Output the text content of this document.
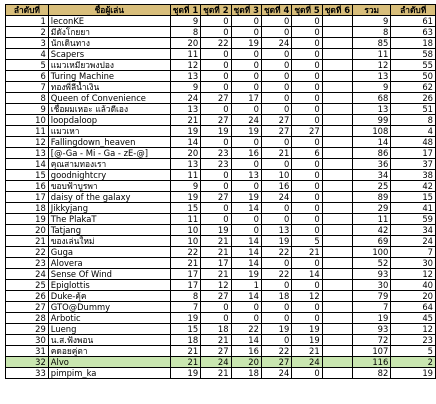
ลำดับที่	ชื่อผู้เล่น	ชุดที่ 1	ชุดที่ 2	ชุดที่ 3	ชุดที่ 4	ชุดที่ 5	ชุดที่ 6	รวม	ลำดับที่
1	leconKE	9	0	0	0	0		9	61
2	มีดังโกยยา	8	0	0	0	0		8	63
3	นักเดินทาง	20	22	19	24	0		85	18
4	Scapers	11	0	0	0	0		11	58
5	แมวเหมียวพงปอง	12	0	0	0	0		12	55
6	Turing Machine	13	0	0	0	0		13	50
7	ทองพี่ลีน้ำเงิน	9	0	0	0	0		9	62
8	Queen of Convenience	24	27	17	0	0		68	26
9	เชื่อผมเหอะ แล้วดีเอง	13	0	0	0	0		13	51
10	loopdaloop	21	27	24	27	0		99	8
11	แมวเหา	19	19	19	27	27		108	4
12	Fallingdown_heaven	14	0	0	0	0		14	48
13	[@-Ga - Mi - Ga - zE-@]	20	23	16	21	6		86	17
14	คุณสามทองเรา	13	23	0	0	0		36	37
15	goodnightcry	11	0	13	10	0		34	38
16	ขอบฟ้าบูรพา	9	0	0	16	0		25	42
17	daisy of the galaxy	19	27	19	24	0		89	15
18	Jikkyjang	15	0	14	0	0		29	41
19	The PlakaT	11	0	0	0	0		11	59
20	Tatjang	10	19	0	13	0		42	34
21	ของเล่นใหม่	10	21	14	19	5		69	24
22	Guga	22	21	14	22	21		100	7
23	Alovera	21	17	14	0	0		52	30
24	Sense Of Wind	17	21	19	22	14		93	12
25	Epiglottis	17	12	1	0	0		30	40
26	Duke-คุ้ค	8	27	14	18	12		79	20
27	GTO@Dummy	7	0	0	0	0		7	64
28	Arbotic	19	0	0	0	0		19	45
29	Lueng	15	18	22	19	19		93	12
30	น.ส.ฟังพอน	18	21	14	0	19		72	23
31	คดอยคู่ตา	21	27	16	22	21		107	5
32	Alvo	21	24	20	27	24		116	2
33	pimpim_ka	19	21	18	24	0		82	19
